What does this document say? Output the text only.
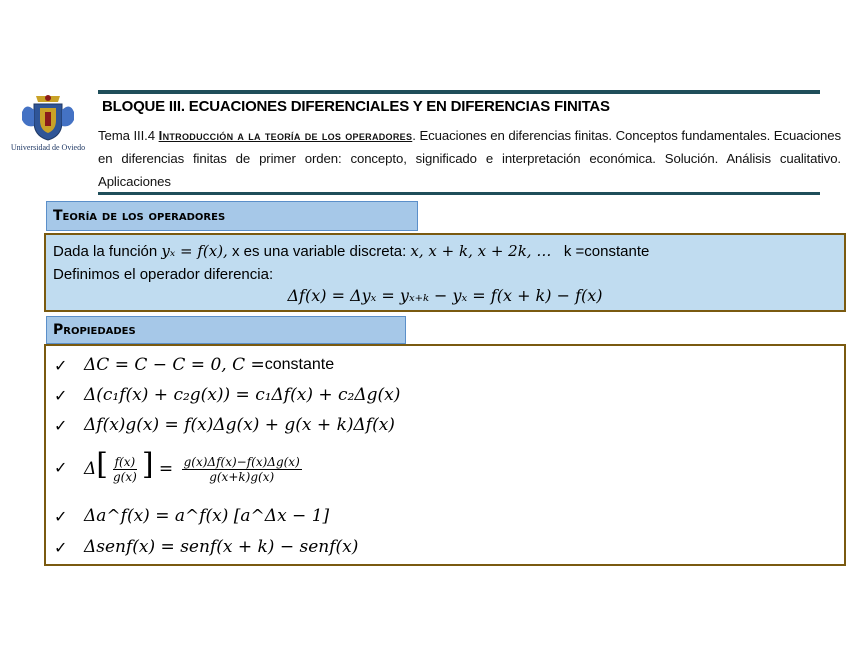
Universidad de Oviedo
BLOQUE III. ECUACIONES DIFERENCIALES Y EN DIFERENCIAS FINITAS
Tema III.4 Introducción a la teoría de los operadores. Ecuaciones en diferencias finitas. Conceptos fundamentales. Ecuaciones en diferencias finitas de primer orden: concepto, significado e interpretación económica. Solución. Análisis cualitativo. Aplicaciones
Teoría de los operadores
Dada la función yₓ = f(x), x es una variable discreta: x, x + k, x + 2k, … k =constante
Definimos el operador diferencia:
Δf(x) = Δyₓ = yₓ₊ₖ − yₓ = f(x + k) − f(x)
Propiedades
✓ ΔC = C − C = 0, C = constante
✓ Δ(c₁f(x) + c₂g(x)) = c₁Δf(x) + c₂Δg(x)
✓ Δf(x)g(x) = f(x)Δg(x) + g(x + k)Δf(x)
✓ $\Delta[ \frac{f(x)}{g(x)}$ ] = $\frac{g(x)\Delta f(x)-f(x)\Delta g(x)}{g(x+k)g(x)}$
✓ Δa^f(x) = a^f(x) [a^Δx − 1]
✓ Δsenf(x) = senf(x + k) − senf(x)
